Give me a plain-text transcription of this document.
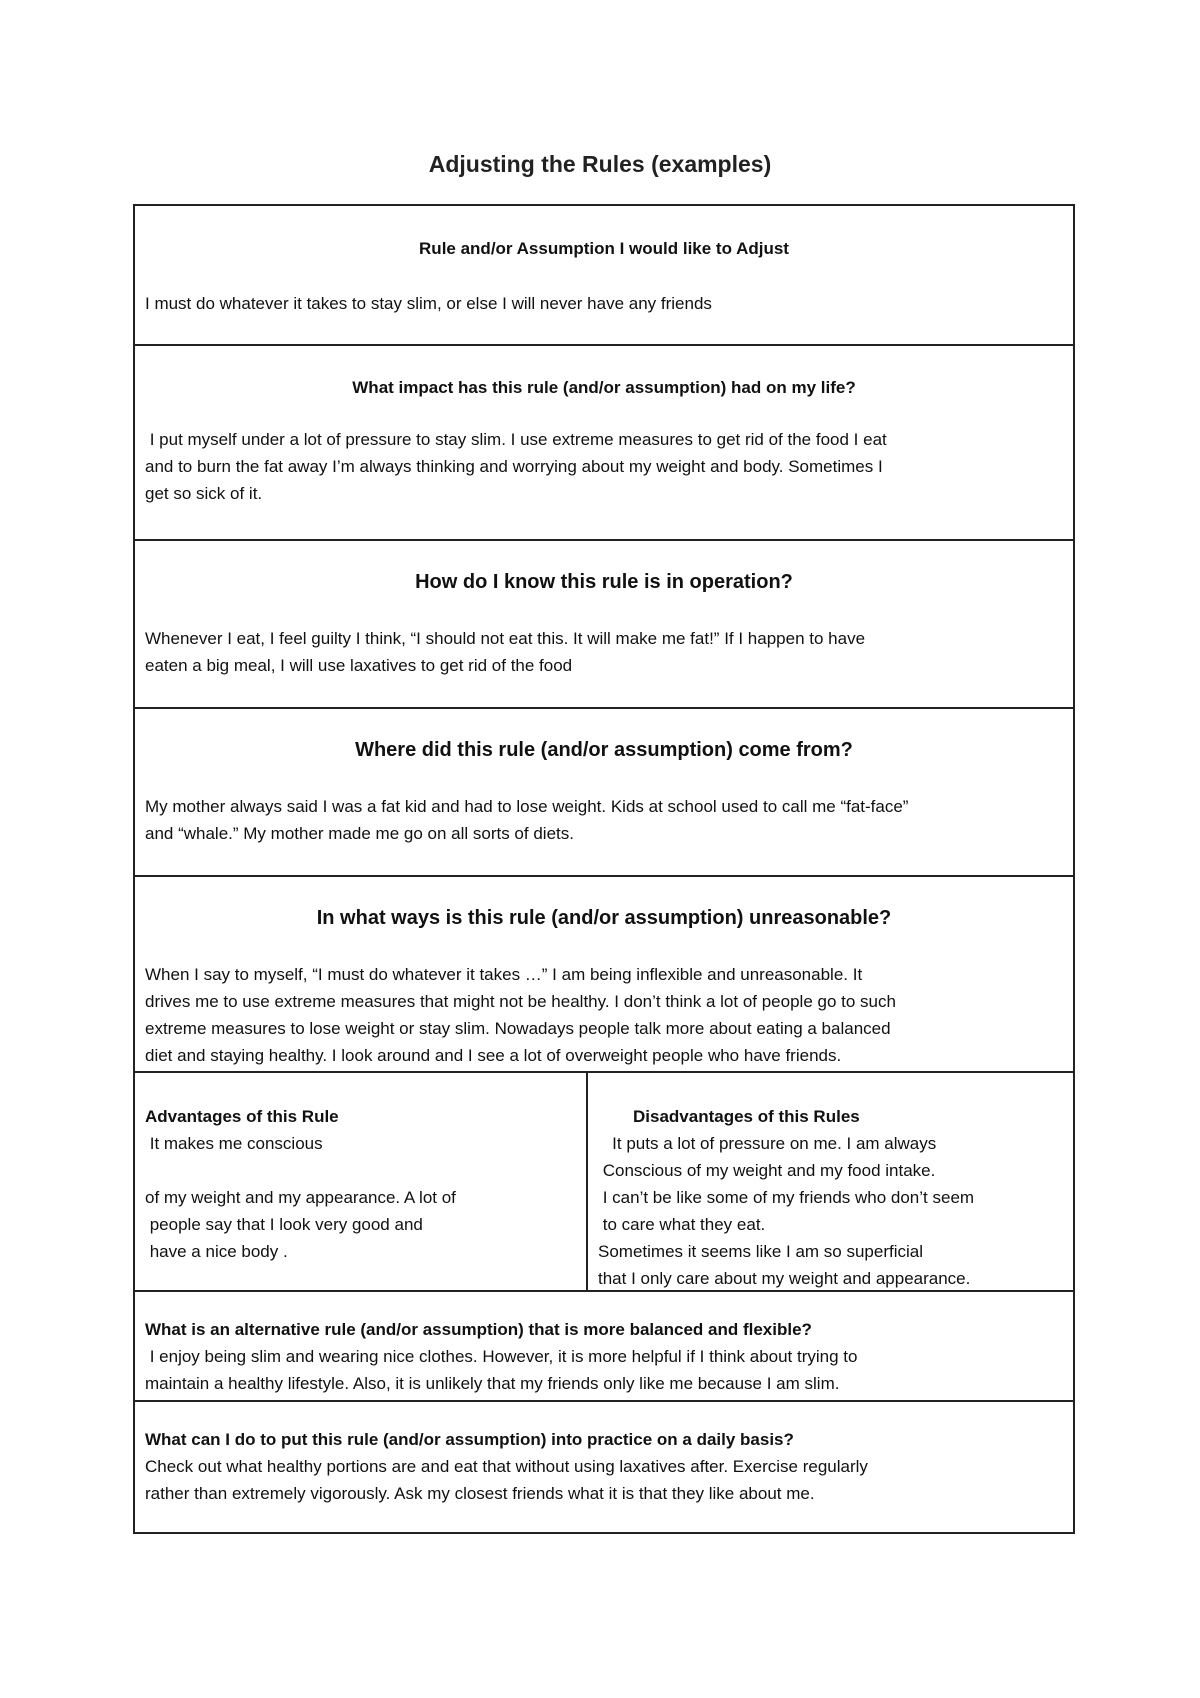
Adjusting the Rules (examples)
Rule and/or Assumption I would like to Adjust
I must do whatever it takes to stay slim, or else I will never have any friends
What impact has this rule (and/or assumption) had on my life?
I put myself under a lot of pressure to stay slim. I use extreme measures to get rid of the food I eat
and to burn the fat away I’m always thinking and worrying about my weight and body. Sometimes I
get so sick of it.
How do I know this rule is in operation?
Whenever I eat, I feel guilty I think, “I should not eat this. It will make me fat!” If I happen to have
eaten a big meal, I will use laxatives to get rid of the food
Where did this rule (and/or assumption) come from?
My mother always said I was a fat kid and had to lose weight. Kids at school used to call me “fat-face”
and “whale.” My mother made me go on all sorts of diets.
In what ways is this rule (and/or assumption) unreasonable?
When I say to myself, “I must do whatever it takes …” I am being inflexible and unreasonable. It
drives me to use extreme measures that might not be healthy. I don’t think a lot of people go to such
extreme measures to lose weight or stay slim. Nowadays people talk more about eating a balanced
diet and staying healthy. I look around and I see a lot of overweight people who have friends.
Advantages of this Rule
It makes me conscious
of my weight and my appearance. A lot of
people say that I look very good and
have a nice body .
Disadvantages of this Rules
It puts a lot of pressure on me. I am always
Conscious of my weight and my food intake.
I can’t be like some of my friends who don’t seem
to care what they eat.
Sometimes it seems like I am so superficial
that I only care about my weight and appearance.
What is an alternative rule (and/or assumption) that is more balanced and flexible?
I enjoy being slim and wearing nice clothes. However, it is more helpful if I think about trying to
maintain a healthy lifestyle. Also, it is unlikely that my friends only like me because I am slim.
What can I do to put this rule (and/or assumption) into practice on a daily basis?
Check out what healthy portions are and eat that without using laxatives after. Exercise regularly
rather than extremely vigorously. Ask my closest friends what it is that they like about me.
